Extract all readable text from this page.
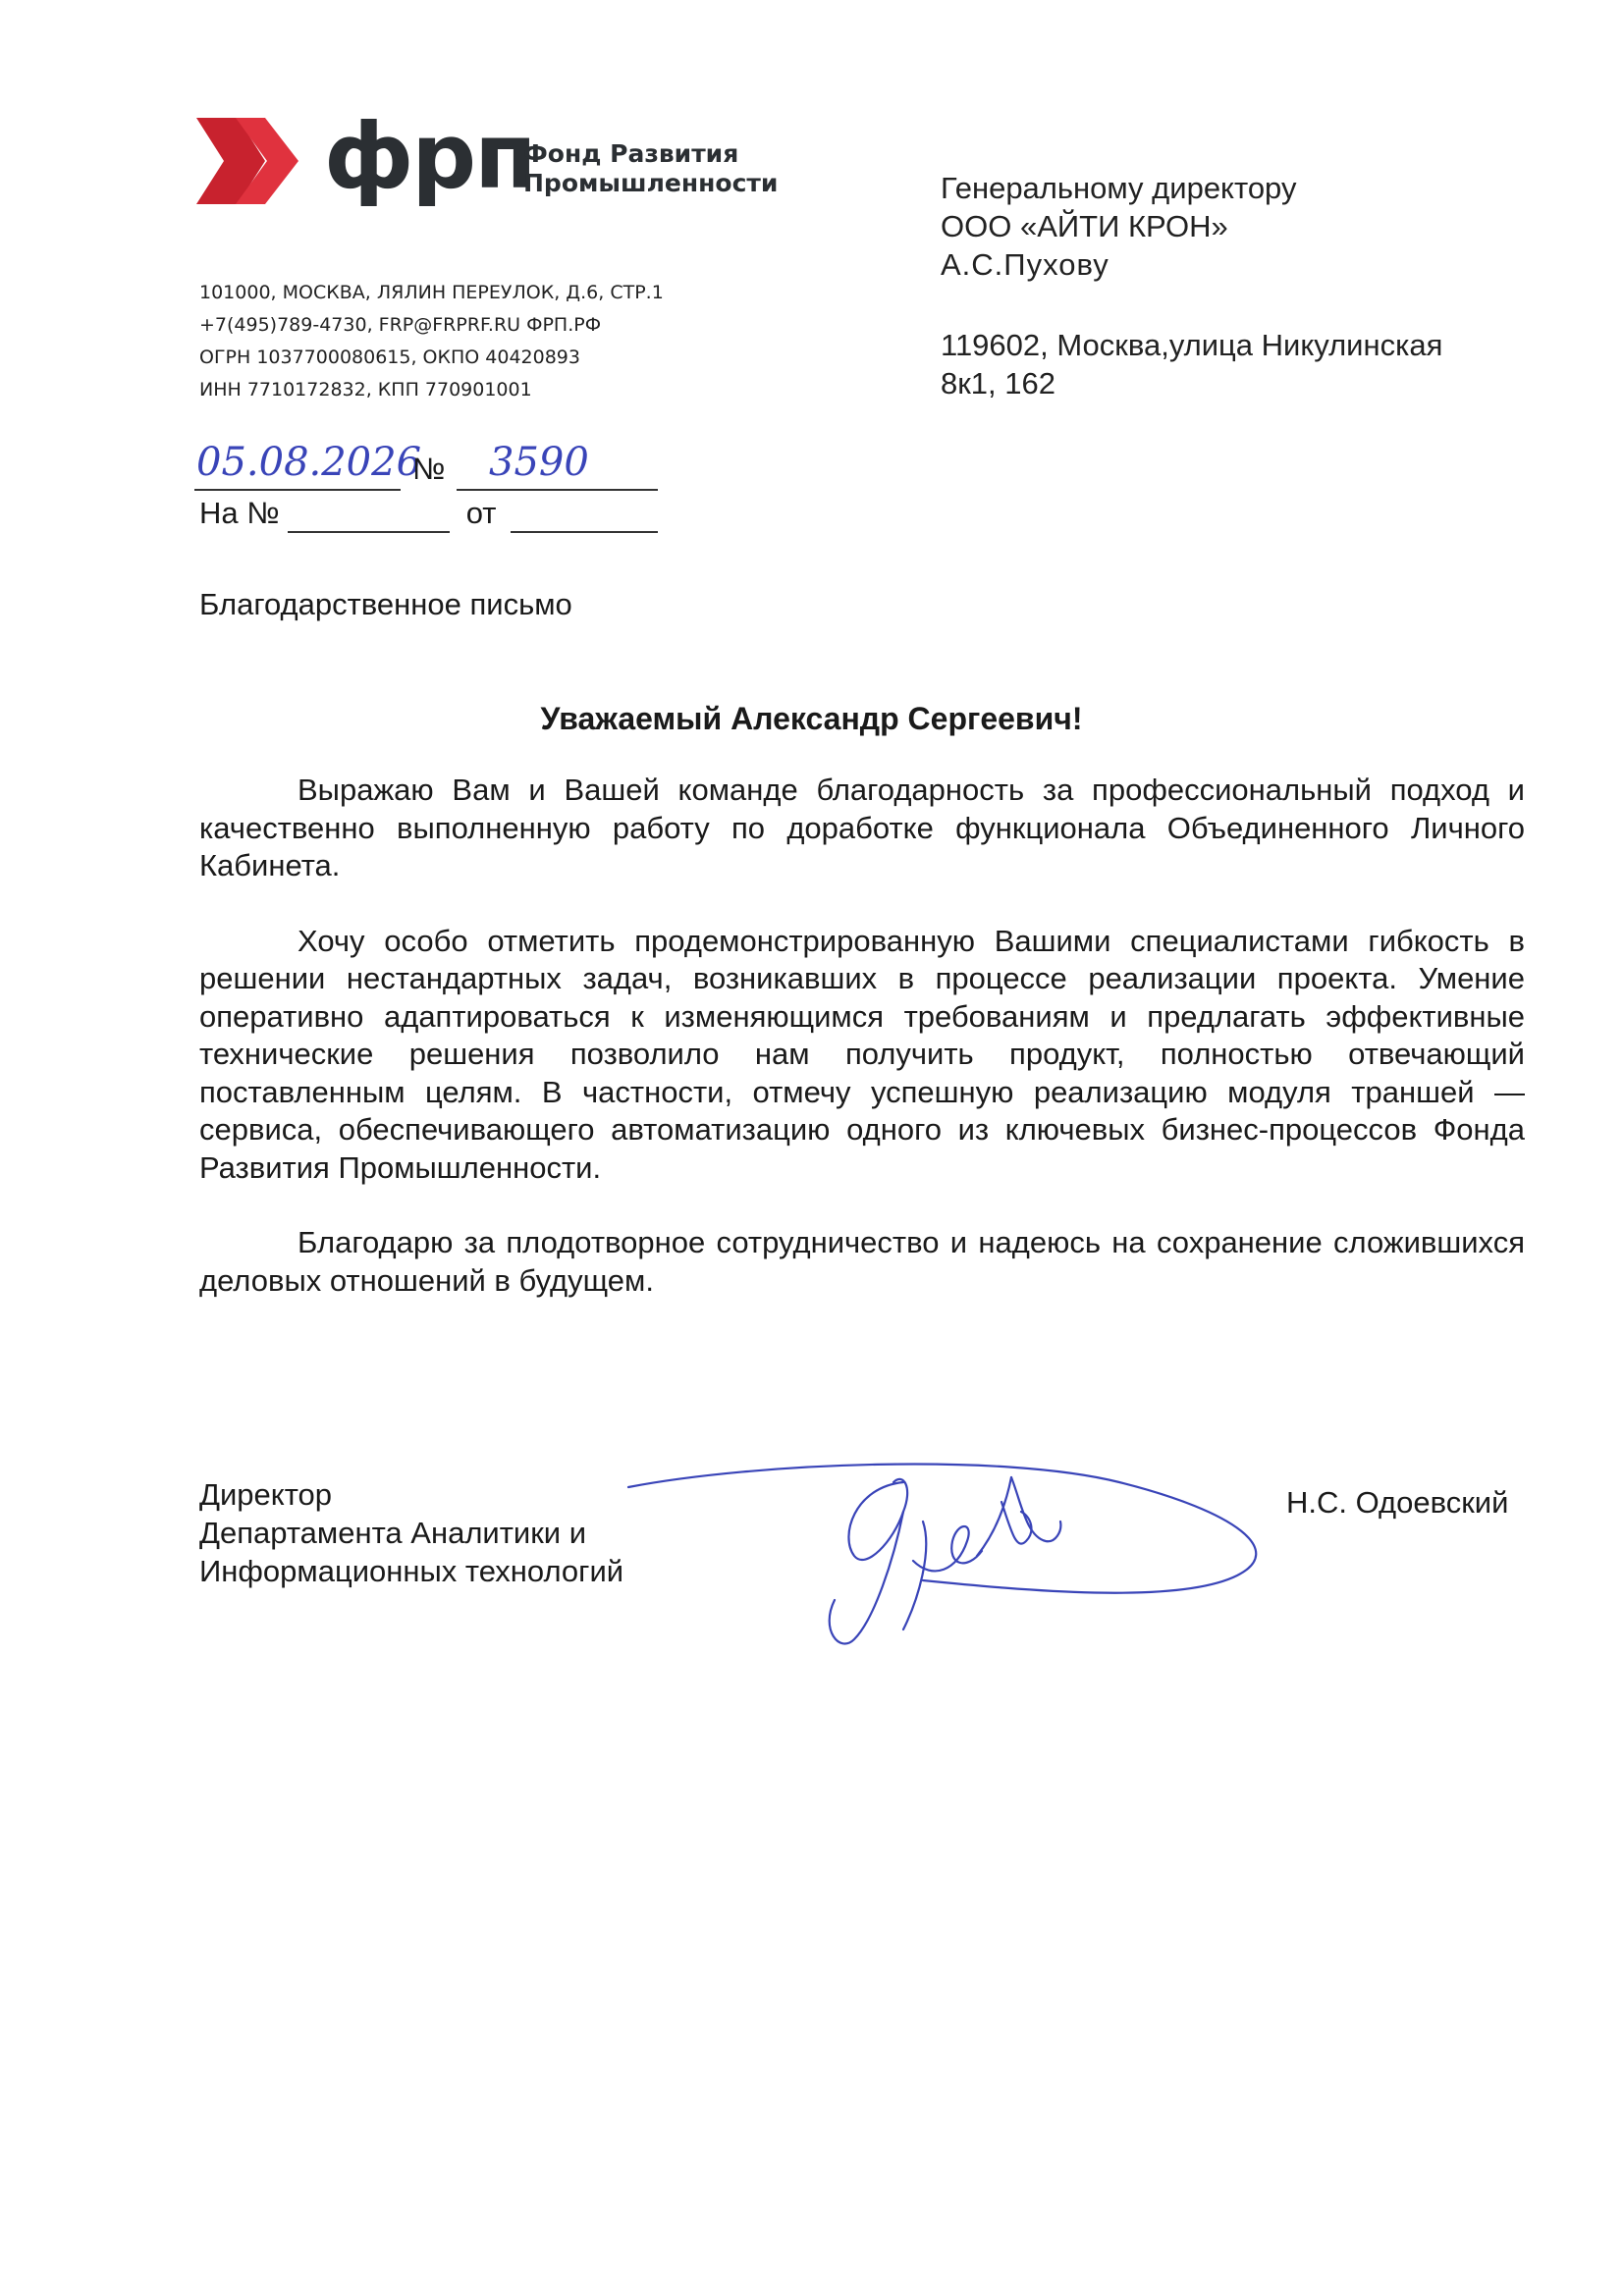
фрп
Фонд Развития
Промышленности
101000, МОСКВА, ЛЯЛИН ПЕРЕУЛОК, Д.6, СТР.1
+7(495)789-4730, FRP@FRPRF.RU ФРП.РФ
ОГРН 1037700080615, ОКПО 40420893
ИНН 7710172832, КПП 770901001
Генеральному директору
ООО «АЙТИ КРОН»
А.С.Пухову
119602, Москва,улица Никулинская
8к1, 162
05.08.2026
№ 3590
На №	от
Благодарственное письмо
Уважаемый Александр Сергеевич!

Выражаю Вам и Вашей команде благодарность за профессиональный подход и качественно выполненную работу по доработке функционала Объединенного Личного Кабинета.

Хочу особо отметить продемонстрированную Вашими специалистами гибкость в решении нестандартных задач, возникавших в процессе реализации проекта. Умение оперативно адаптироваться к изменяющимся требованиям и предлагать эффективные технические решения позволило нам получить продукт, полностью отвечающий поставленным целям. В частности, отмечу успешную реализацию модуля траншей — сервиса, обеспечивающего автоматизацию одного из ключевых бизнес-процессов Фонда Развития Промышленности.

Благодарю за плодотворное сотрудничество и надеюсь на сохранение сложившихся деловых отношений в будущем.

Директор
Департамента Аналитики и
Информационных технологий
Н.С. Одоевский
